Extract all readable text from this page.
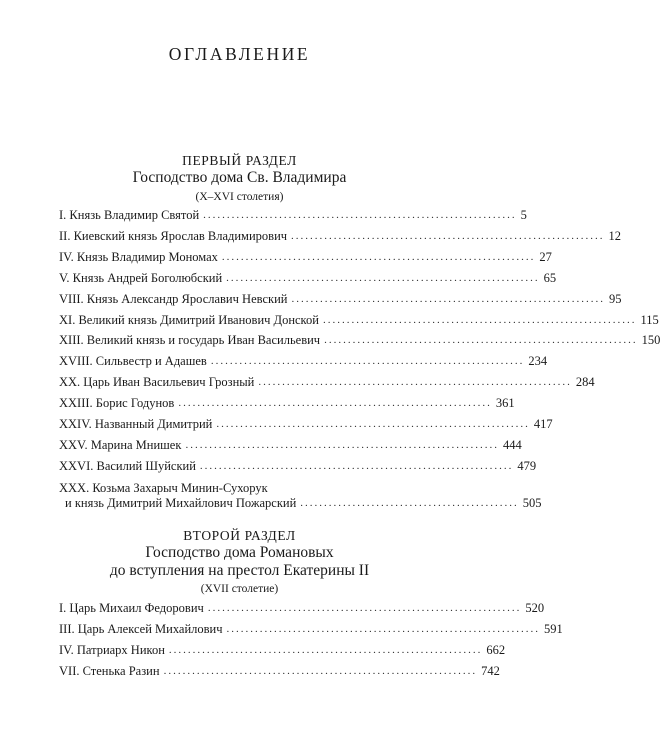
ОГЛАВЛЕНИЕ
ПЕРВЫЙ РАЗДЕЛ
Господство дома Св. Владимира
(X–XVI столетия)
I. Князь Владимир Святой .................................................................. 5
II. Киевский князь Ярослав Владимирович .................................................................. 12
IV. Князь Владимир Мономах .................................................................. 27
V. Князь Андрей Боголюбский .................................................................. 65
VIII. Князь Александр Ярославич Невский .................................................................. 95
XI. Великий князь Димитрий Иванович Донской .................................................................. 115
XIII. Великий князь и государь Иван Васильевич .................................................................. 150
XVIII. Сильвестр и Адашев .................................................................. 234
XX. Царь Иван Васильевич Грозный .................................................................. 284
XXIII. Борис Годунов .................................................................. 361
XXIV. Названный Димитрий .................................................................. 417
XXV. Марина Мнишек .................................................................. 444
XXVI. Василий Шуйский .................................................................. 479
XXX. Козьма Захарыч Минин-Сухорук
и князь Димитрий Михайлович Пожарский .............................................. 505
ВТОРОЙ РАЗДЕЛ
Господство дома Романовых
до вступления на престол Екатерины II
(XVII столетие)
I. Царь Михаил Федорович .................................................................. 520
III. Царь Алексей Михайлович .................................................................. 591
IV. Патриарх Никон .................................................................. 662
VII. Стенька Разин .................................................................. 742
